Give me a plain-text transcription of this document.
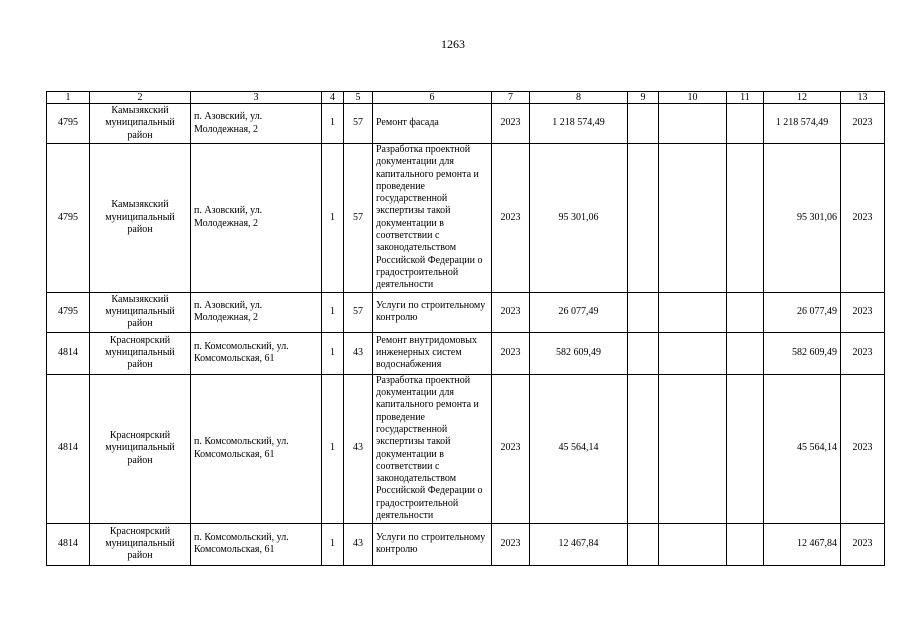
1263
1	2	3	4	5	6	7	8	9	10	11	12	13
4795	Камызякский муниципальный район	п. Азовский, ул. Молодежная, 2	1	57	Ремонт фасада	2023	1 218 574,49				1 218 574,49	2023
4795	Камызякский муниципальный район	п. Азовский, ул. Молодежная, 2	1	57	Разработка проектной документации для капитального ремонта и проведение государственной экспертизы такой документации в соответствии с законодательством Российской Федерации о градостроительной деятельности	2023	95 301,06				95 301,06	2023
4795	Камызякский муниципальный район	п. Азовский, ул. Молодежная, 2	1	57	Услуги по строительному контролю	2023	26 077,49				26 077,49	2023
4814	Красноярский муниципальный район	п. Комсомольский, ул. Комсомольская, 61	1	43	Ремонт внутридомовых инженерных систем водоснабжения	2023	582 609,49				582 609,49	2023
4814	Красноярский муниципальный район	п. Комсомольский, ул. Комсомольская, 61	1	43	Разработка проектной документации для капитального ремонта и проведение государственной экспертизы такой документации в соответствии с законодательством Российской Федерации о градостроительной деятельности	2023	45 564,14				45 564,14	2023
4814	Красноярский муниципальный район	п. Комсомольский, ул. Комсомольская, 61	1	43	Услуги по строительному контролю	2023	12 467,84				12 467,84	2023
